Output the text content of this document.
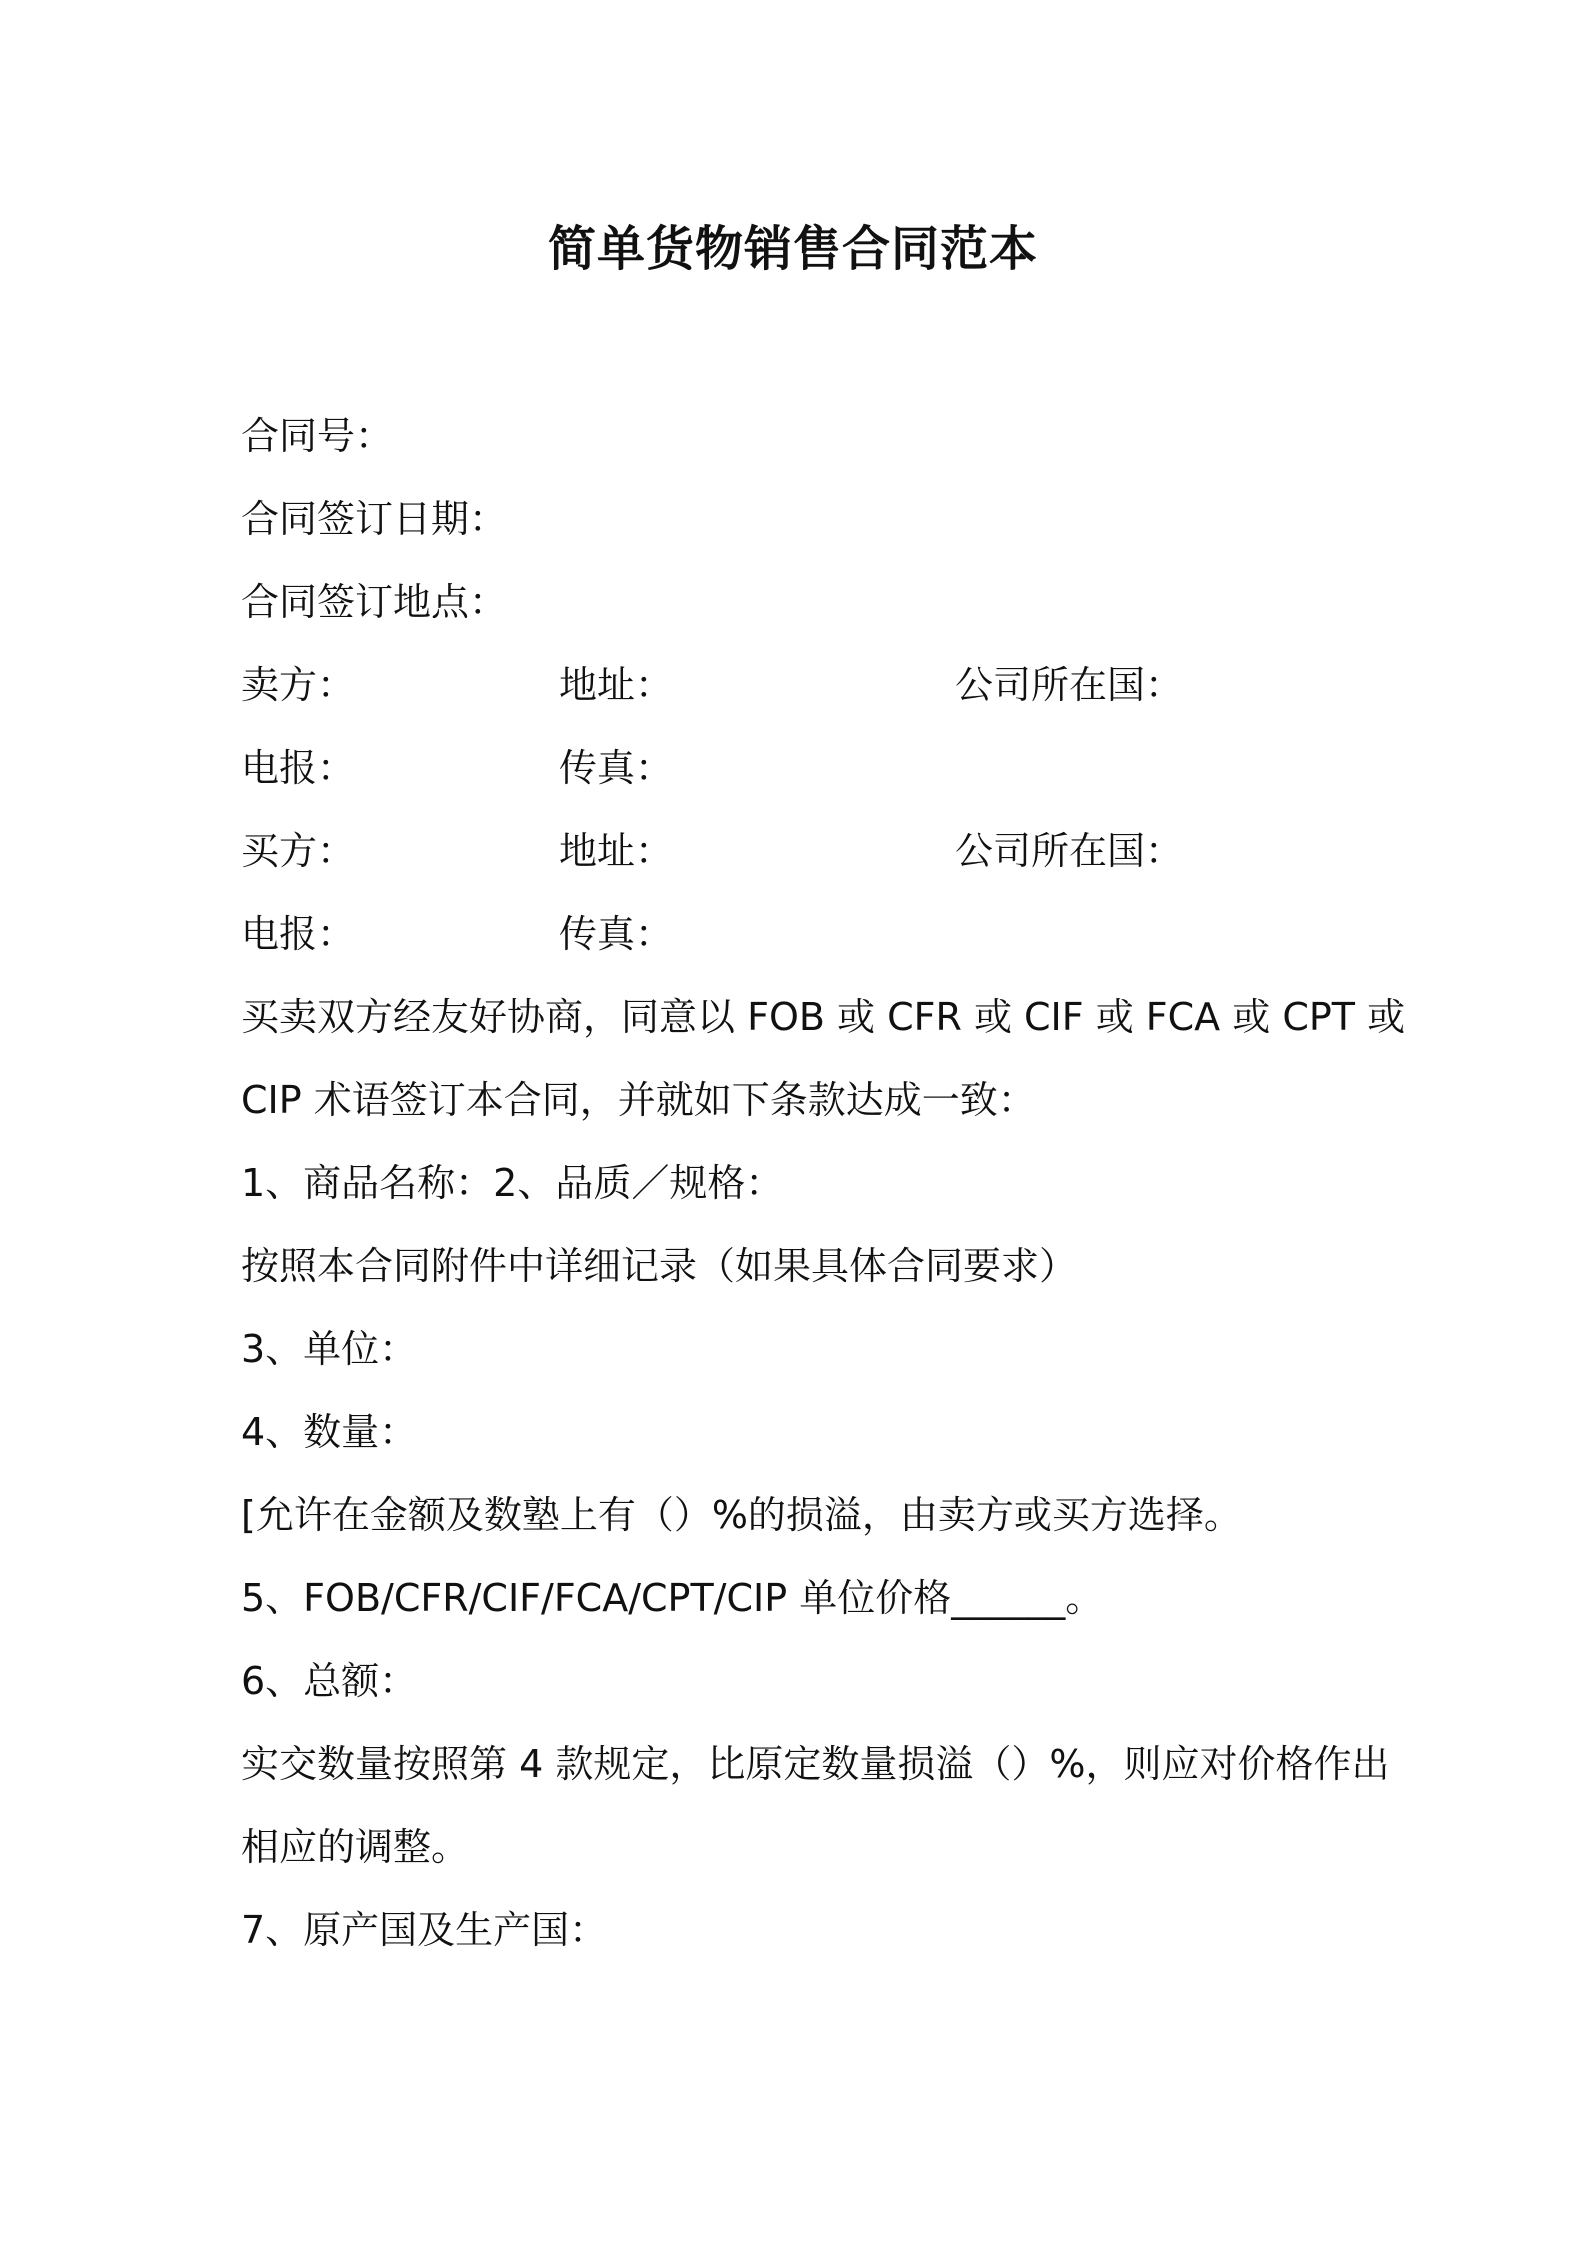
简单货物销售合同范本
合同号：
合同签订日期：
合同签订地点：
卖方：	地址：	公司所在国：
电报：	传真：
买方：	地址：	公司所在国：
电报：	传真：
买卖双方经友好协商，同意以 FOB 或 CFR 或 CIF 或 FCA 或 CPT 或
CIP 术语签订本合同，并就如下条款达成一致：
1、商品名称：2、品质／规格：
按照本合同附件中详细记录（如果具体合同要求）
3、单位：
4、数量：
[允许在金额及数塾上有（）%的损溢，由卖方或买方选择。
5、FOB/CFR/CIF/FCA/CPT/CIP 单位价格______。
6、总额：
实交数量按照第 4 款规定，比原定数量损溢（）%，则应对价格作出
相应的调整。
7、原产国及生产国：
